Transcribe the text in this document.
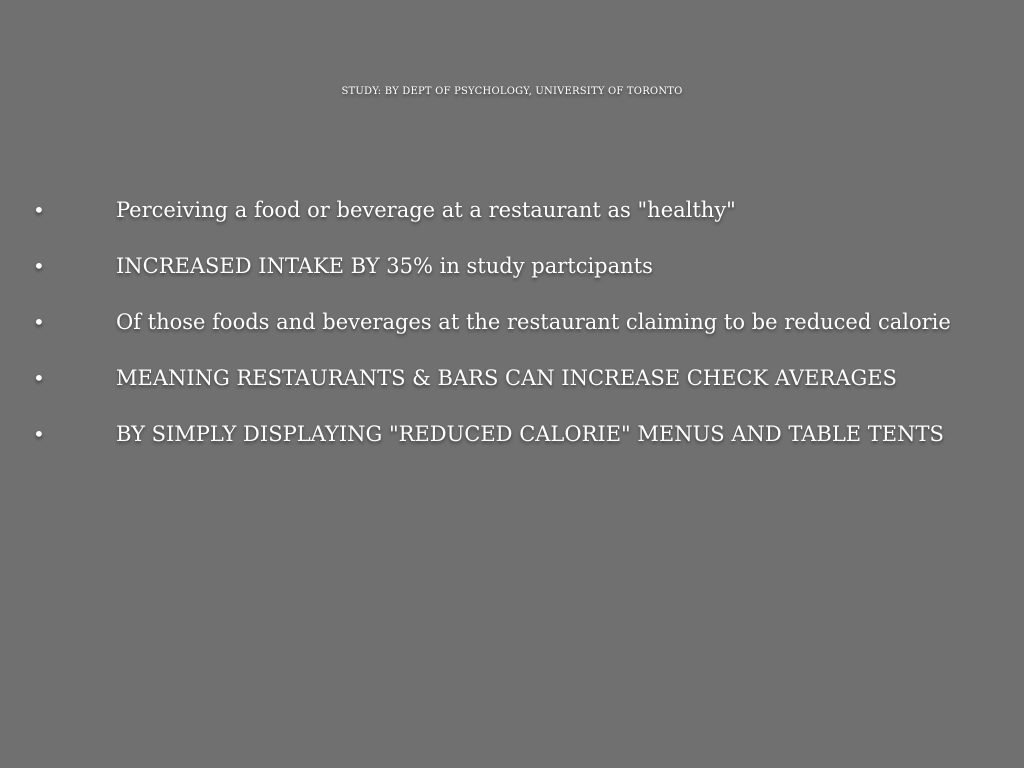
STUDY: BY DEPT OF PSYCHOLOGY, UNIVERSITY OF TORONTO
•	Perceiving a food or beverage at a restaurant as "healthy"
•	INCREASED INTAKE BY 35% in study partcipants
•	Of those foods and beverages at the restaurant claiming to be reduced calorie
•	MEANING RESTAURANTS & BARS CAN INCREASE CHECK AVERAGES
•	BY SIMPLY DISPLAYING "REDUCED CALORIE" MENUS AND TABLE TENTS
